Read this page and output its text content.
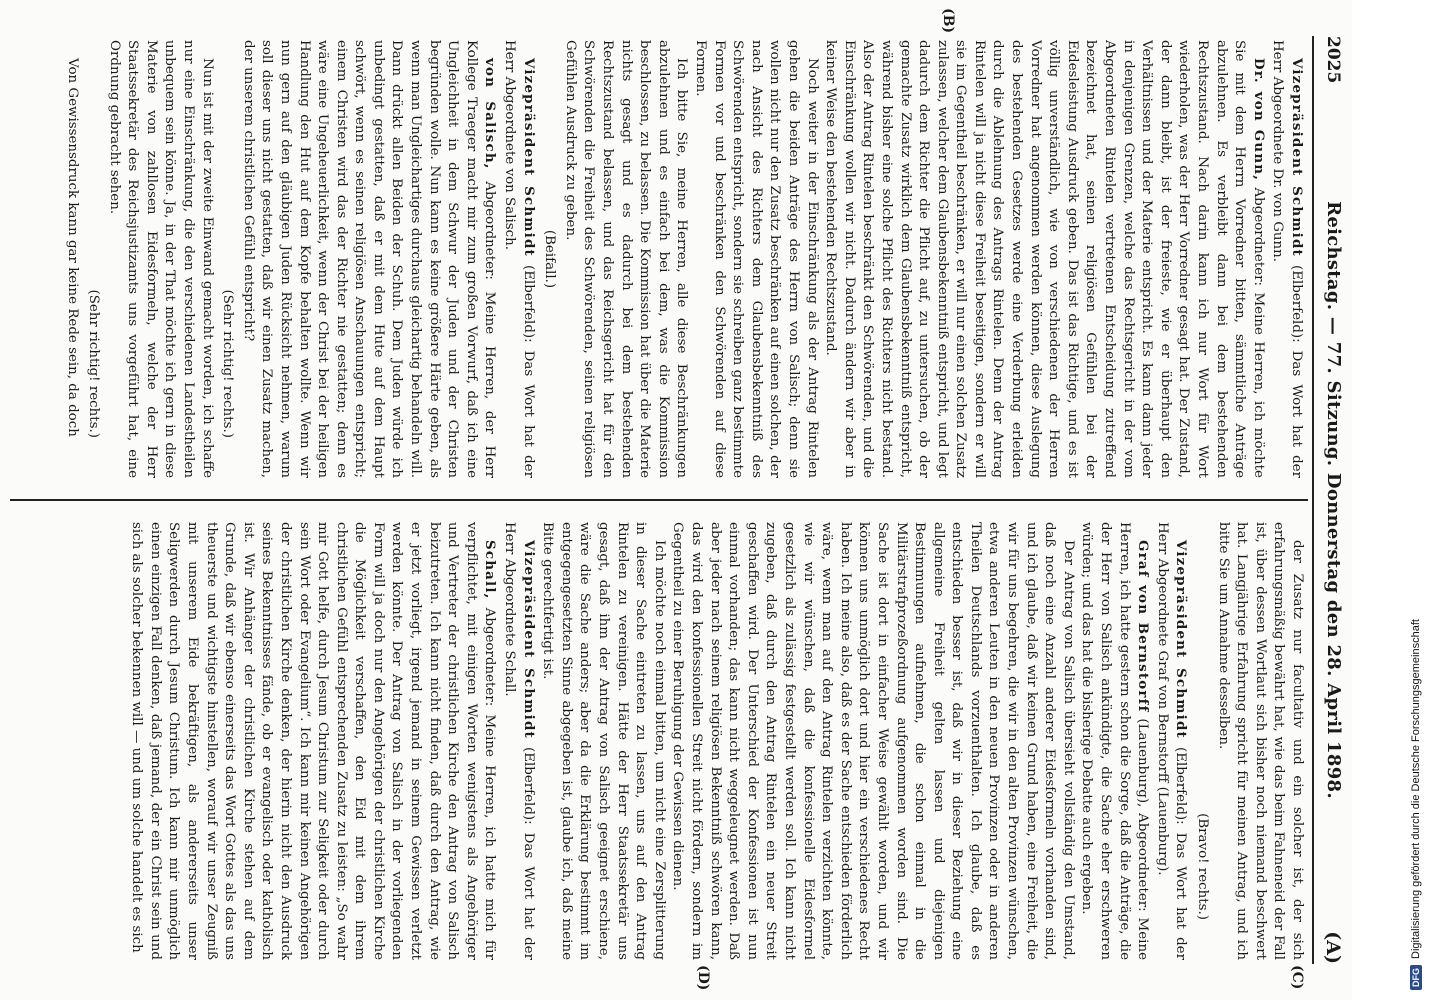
2025
Reichstag. — 77. Sitzung. Donnerstag den 28. April 1898.
(A)

Vizepräsident Schmidt (Elberfeld): Das Wort hat der Herr Abgeordnete Dr. von Gunn.

Dr. von Gunn, Abgeordneter: Meine Herren, ich möchte Sie mit dem Herrn Vorredner bitten, sämmtliche Anträge abzulehnen. Es verbleibt dann bei dem bestehenden Rechtszustand. Nach darin kann ich nur Wort für Wort wiederholen, was der Herr Vorredner gesagt hat. Der Zustand, der dann bleibt, ist der freieste, wie er überhaupt den Verhältnissen und der Materie entspricht. Es kann dann jeder in denjenigen Grenzen, welche das Rechtsgericht in der vom Abgeordneten Rintelen vertretenen Entscheidung zutreffend bezeichnet hat, seinen religiösen Gefühlen bei der Eidesleistung Ausdruck geben. Das ist das Richtige, und es ist völlig unverständlich, wie von verschiedenen der Herren Vorredner hat angenommen werden können, diese Auslegung des bestehenden Gesetzes werde eine Verderbung erleiden durch die Ablehnung des Antrags Rintelen. Denn der Antrag Rintelen will ja nicht diese Freiheit beseitigen, sondern er will sie im Gegentheil beschränken, er will nur einen solchen Zusatz zulassen, welcher dem Glaubensbekenntniß entspricht, und legt dadurch dem Richter die Pflicht auf, zu untersuchen, ob der gemachte Zusatz wirklich dem Glaubensbekenntniß entspricht, während bisher eine solche Pflicht des Richters nicht bestand. Also der Antrag Rintelen beschränkt den Schwörenden, und die Einschränkung wollen wir nicht. Dadurch ändern wir aber in keiner Weise den bestehenden Rechtszustand.

Noch weiter in der Einschränkung als der Antrag Rintelen gehen die beiden Anträge des Herrn von Salisch; denn sie wollen nicht nur den Zusatz beschränken auf einen solchen, der nach Ansicht des Richters dem Glaubensbekenntniß des Schwörenden entspricht, sondern sie schreiben ganz bestimmte Formen vor und beschränken den Schwörenden auf diese Formen.

Ich bitte Sie, meine Herren, alle diese Beschränkungen abzulehnen und es einfach bei dem, was die Kommission beschlossen, zu belassen. Die Kommission hat über die Materie nichts gesagt und es dadurch bei dem bestehenden Rechtszustand belassen, und das Reichsgericht hat für den Schwörenden die Freiheit des Schwörenden, seinen religiösen Gefühlen Ausdruck zu geben.

(Beifall.)

Vizepräsident Schmidt (Elberfeld): Das Wort hat der Herr Abgeordnete von Salisch.

von Salisch, Abgeordneter: Meine Herren, der Herr Kollege Traeger macht mir zum großen Vorwurf, daß ich eine Ungleichheit in dem Schwur der Juden und der Christen begründen wolle. Nun kann es keine größere Härte geben, als wenn man Ungleichartiges durchaus gleichartig behandeln will. Dann drückt allen Beiden der Schuh. Dem Juden würde ich unbedingt gestatten, daß er mit dem Hute auf dem Haupt schwört, wenn es seinen religiösen Anschauungen entspricht; einem Christen wird das der Richter nie gestatten; denn es wäre eine Ungeheuerlichkeit, wenn der Christ bei der heiligen Handlung den Hut auf dem Kopfe behalten wollte. Wenn wir nun gern auf den gläubigen Juden Rücksicht nehmen, warum soll dieser uns nicht gestatten, daß wir einen Zusatz machen, der unserem christlichen Gefühl entspricht?

(Sehr richtig! rechts.)

Nun ist mit der zweite Einwand gemacht worden, ich schaffe nur eine Einschränkung, die den verschiedenen Landestheilen unbequem sein könne. Ja, in der That möchte ich gern in diese Materie von zahllosen Eidesformeln, welche der Herr Staatssekretär des Reichsjustizamts uns vorgeführt hat, eine Ordnung gebracht sehen.

(Sehr richtig! rechts.)

Von Gewissensdruck kann gar keine Rede sein, da doch

der Zusatz nur facultativ und ein solcher ist, der sich erfahrungsmäßig bewährt hat, wie das beim Fahneneid der Fall ist, über dessen Wortlaut sich bisher noch niemand beschwert hat. Langjährige Erfahrung spricht für meinen Antrag, und ich bitte Sie um Annahme desselben.

(Bravo! rechts.)

Vizepräsident Schmidt (Elberfeld): Das Wort hat der Herr Abgeordnete Graf von Bernstorff (Lauenburg).

Graf von Bernstorff (Lauenburg), Abgeordneter: Meine Herren, ich hatte gestern schon die Sorge, daß die Anträge, die der Herr von Salisch ankündigte, die Sache eher erschweren würden; und das hat die bisherige Debatte auch ergeben.

Der Antrag von Salisch übersieht vollständig den Umstand, daß noch eine Anzahl anderer Eidesformeln vorhanden sind, und ich glaube, daß wir keinen Grund haben, eine Freiheit, die wir für uns begehren, die wir in den alten Provinzen wünschen, etwa anderen Leuten in den neuen Provinzen oder in anderen Theilen Deutschlands vorzuenthalten. Ich glaube, daß es entschieden besser ist, daß wir in dieser Beziehung eine allgemeine Freiheit gelten lassen und diejenigen Bestimmungen aufnehmen, die schon einmal in die Militärstrafprozeßordnung aufgenommen worden sind. Die Sache ist dort in einfacher Weise gewählt worden, und wir können uns unmöglich dort und hier ein verschiedenes Recht haben. Ich meine also, daß es der Sache entschieden förderlich wäre, wenn man auf den Antrag Rintelen verzichten könnte, wie wir wünschen, daß die konfessionelle Eidesformel gesetzlich als zulässig festgestellt werden soll. Ich kann nicht zugeben, daß durch den Antrag Rintelen ein neuer Streit geschaffen wird. Der Unterschied der Konfessionen ist nun einmal vorhanden; das kann nicht weggeleugnet werden. Daß aber jeder nach seinem religiösen Bekenntniß schwören kann, das wird den konfessionellen Streit nicht fördern, sondern im Gegentheil zu einer Beruhigung der Gewissen dienen.

Ich möchte noch einmal bitten, um nicht eine Zersplitterung in dieser Sache eintreten zu lassen, uns auf den Antrag Rintelen zu vereinigen. Hätte der Herr Staatssekretär uns gesagt, daß ihm der Antrag von Salisch geeignet erschiene, wäre die Sache anders; aber da die Erklärung bestimmt im entgegengesetzten Sinne abgegeben ist, glaube ich, daß meine Bitte gerechtfertigt ist.

Vizepräsident Schmidt (Elberfeld): Das Wort hat der Herr Abgeordnete Schall.

Schall, Abgeordneter: Meine Herren, ich hatte mich für verpflichtet, mit einigen Worten wenigstens als Angehöriger und Vertreter der christlichen Kirche den Antrag von Salisch beizutreten. Ich kann nicht finden, daß durch den Antrag, wie er jetzt vorliegt, irgend jemand in seinem Gewissen verletzt werden könnte. Der Antrag von Salisch in der vorliegenden Form will ja doch nur den Angehörigen der christlichen Kirche die Möglichkeit verschaffen, den Eid mit dem ihrem christlichen Gefühl entsprechenden Zusatz zu leisten: „So wahr mir Gott helfe, durch Jesum Christum zur Seligkeit oder durch sein Wort oder Evangelium“. Ich kann mir keinen Angehörigen der christlichen Kirche denken, der hierin nicht den Ausdruck seines Bekenntnisses fände, ob er evangelisch oder katholisch ist. Wir Anhänger der christlichen Kirche stehen auf dem Grunde, daß wir ebenso einerseits das Wort Gottes als das uns theuerste und wichtigste hinstellen, worauf wir unser Zeugniß mit unserem Eide bekräftigen, als andererseits unser Seligwerden durch Jesum Christum. Ich kann mir unmöglich einen einzigen Fall denken, daß jemand, der ein Christ sein und sich als solcher bekennen will — und um solche handelt es sich

(B)
(C)
(D)	DFGDigitalisierung gefördert durch die Deutsche Forschungsgemeinschaft
